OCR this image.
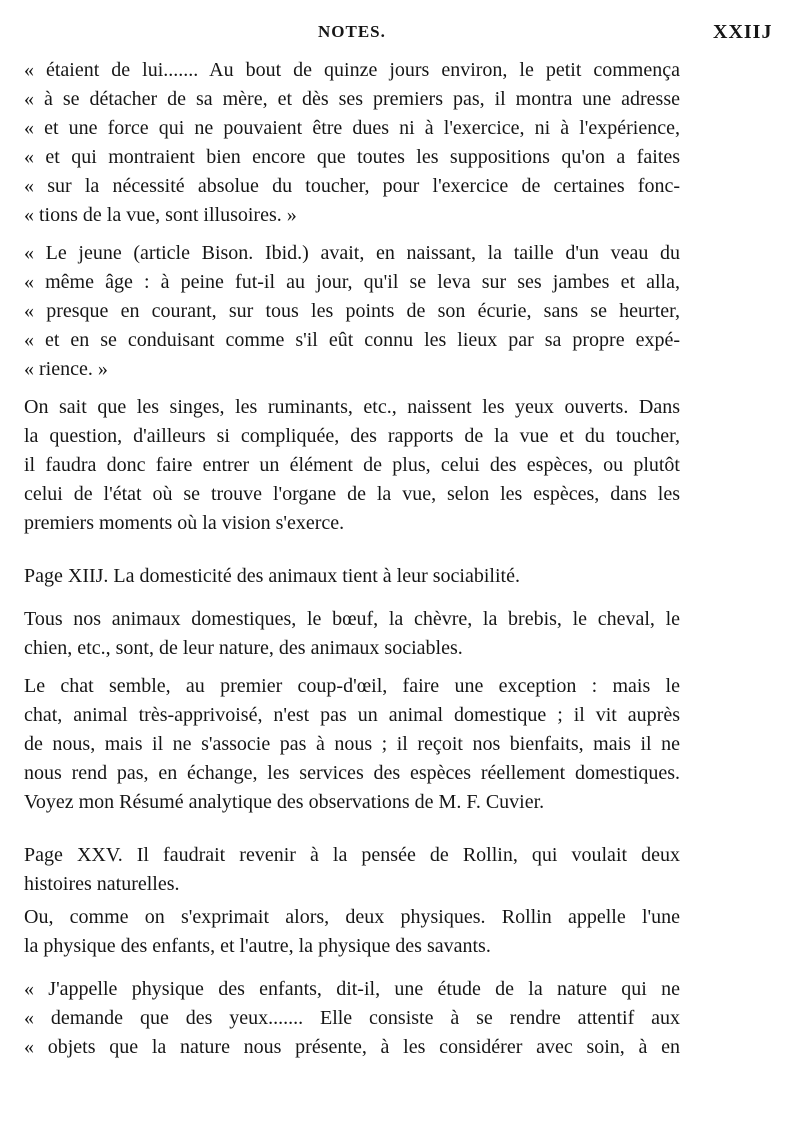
NOTES.	XXIIJ
« étaient de lui....... Au bout de quinze jours environ, le petit commença
« à se détacher de sa mère, et dès ses premiers pas, il montra une adresse
« et une force qui ne pouvaient être dues ni à l'exercice, ni à l'expérience,
« et qui montraient bien encore que toutes les suppositions qu'on a faites
« sur la nécessité absolue du toucher, pour l'exercice de certaines fonc-
« tions de la vue, sont illusoires. »
« Le jeune (article Bison. Ibid.) avait, en naissant, la taille d'un veau du
« même âge : à peine fut-il au jour, qu'il se leva sur ses jambes et alla,
« presque en courant, sur tous les points de son écurie, sans se heurter,
« et en se conduisant comme s'il eût connu les lieux par sa propre expé-
« rience. »
On sait que les singes, les ruminants, etc., naissent les yeux ouverts. Dans
la question, d'ailleurs si compliquée, des rapports de la vue et du toucher,
il faudra donc faire entrer un élément de plus, celui des espèces, ou plutôt
celui de l'état où se trouve l'organe de la vue, selon les espèces, dans les
premiers moments où la vision s'exerce.
Page XIIJ. La domesticité des animaux tient à leur sociabilité.
Tous nos animaux domestiques, le bœuf, la chèvre, la brebis, le cheval, le
chien, etc., sont, de leur nature, des animaux sociables.
Le chat semble, au premier coup-d'œil, faire une exception : mais le
chat, animal très-apprivoisé, n'est pas un animal domestique ; il vit auprès
de nous, mais il ne s'associe pas à nous ; il reçoit nos bienfaits, mais il ne
nous rend pas, en échange, les services des espèces réellement domestiques.
Voyez mon Résumé analytique des observations de M. F. Cuvier.
Page XXV. Il faudrait revenir à la pensée de Rollin, qui voulait deux
histoires naturelles.
Ou, comme on s'exprimait alors, deux physiques. Rollin appelle l'une
la physique des enfants, et l'autre, la physique des savants.
« J'appelle physique des enfants, dit-il, une étude de la nature qui ne
« demande que des yeux....... Elle consiste à se rendre attentif aux
« objets que la nature nous présente, à les considérer avec soin, à en
